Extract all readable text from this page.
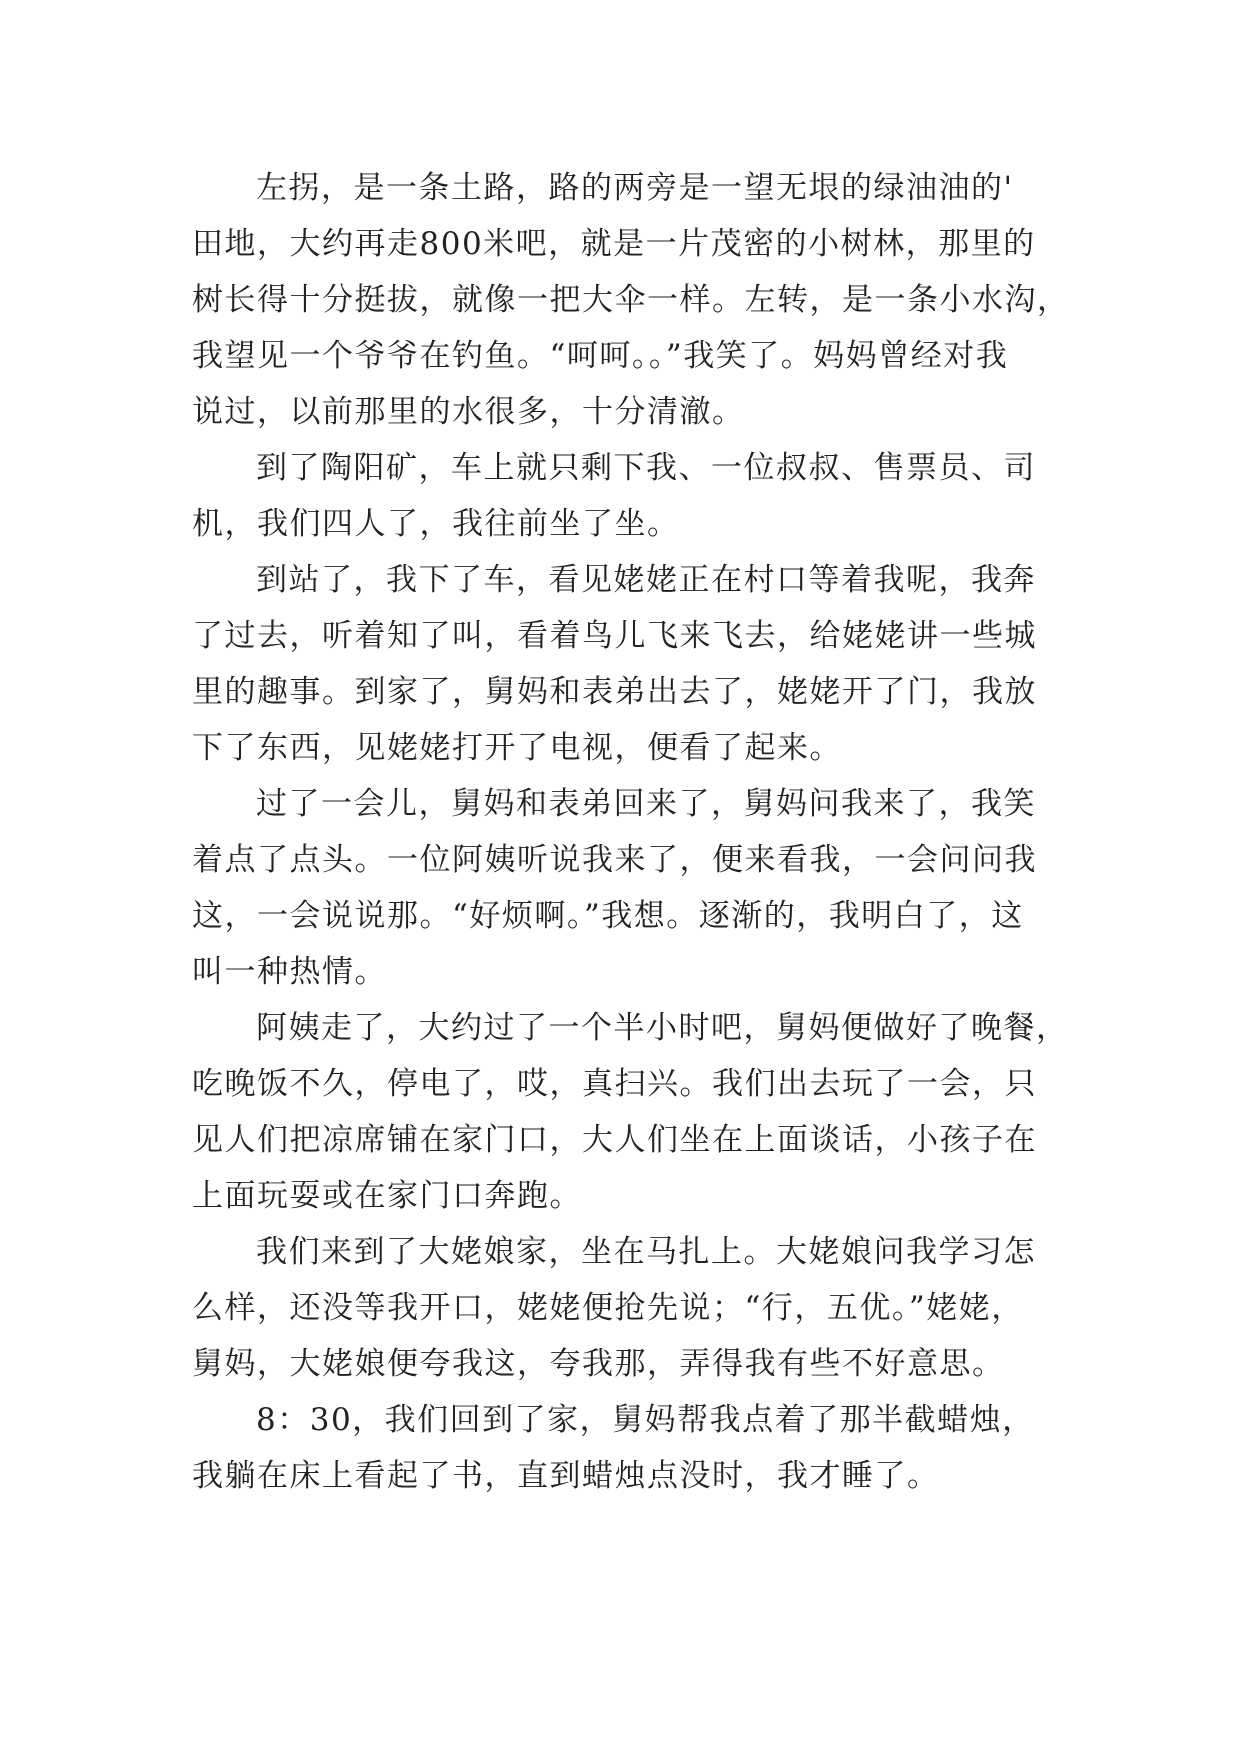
左拐，是一条土路，路的两旁是一望无垠的绿油油的'
田地，大约再走800米吧，就是一片茂密的小树林，那里的
树长得十分挺拔，就像一把大伞一样。左转，是一条小水沟，
我望见一个爷爷在钓鱼。“呵呵。。”我笑了。妈妈曾经对我
说过，以前那里的水很多，十分清澈。
到了陶阳矿，车上就只剩下我、一位叔叔、售票员、司
机，我们四人了，我往前坐了坐。
到站了，我下了车，看见姥姥正在村口等着我呢，我奔
了过去，听着知了叫，看着鸟儿飞来飞去，给姥姥讲一些城
里的趣事。到家了，舅妈和表弟出去了，姥姥开了门，我放
下了东西，见姥姥打开了电视，便看了起来。
过了一会儿，舅妈和表弟回来了，舅妈问我来了，我笑
着点了点头。一位阿姨听说我来了，便来看我，一会问问我
这，一会说说那。“好烦啊。”我想。逐渐的，我明白了，这
叫一种热情。
阿姨走了，大约过了一个半小时吧，舅妈便做好了晚餐，
吃晚饭不久，停电了，哎，真扫兴。我们出去玩了一会，只
见人们把凉席铺在家门口，大人们坐在上面谈话，小孩子在
上面玩耍或在家门口奔跑。
我们来到了大姥娘家，坐在马扎上。大姥娘问我学习怎
么样，还没等我开口，姥姥便抢先说；“行，五优。”姥姥，
舅妈，大姥娘便夸我这，夸我那，弄得我有些不好意思。
8：30，我们回到了家，舅妈帮我点着了那半截蜡烛，
我躺在床上看起了书，直到蜡烛点没时，我才睡了。
